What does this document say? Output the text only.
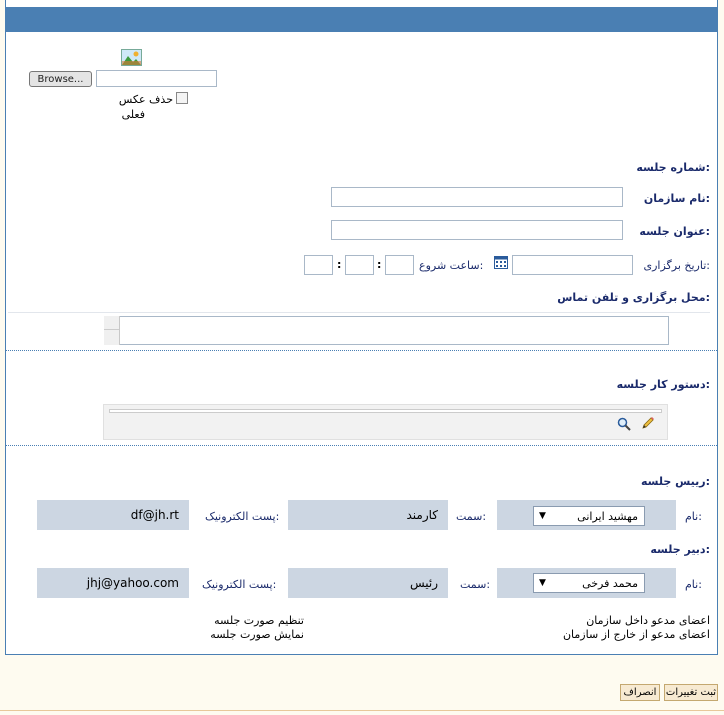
Browse...
حذف عکس
فعلی
شماره جلسه:
نام سازمان:
عنوان جلسه:
تاریخ برگزاری:
ساعت شروع:
:
:
محل برگزاری و تلفن تماس:
دستور کار جلسه:
رییس جلسه:
نام:
مهشید ایرانی
▼
سمت:
کارمند
پست الکترونیک:
df@jh.rt
دبیر جلسه:
نام:
محمد فرخی
▼
سمت:
رئیس
پست الکترونیک:
jhj@yahoo.com
اعضای مدعو داخل سازمان
اعضای مدعو از خارج از سازمان
تنظیم صورت جلسه
نمایش صورت جلسه
ثبت تغییرات
انصراف
